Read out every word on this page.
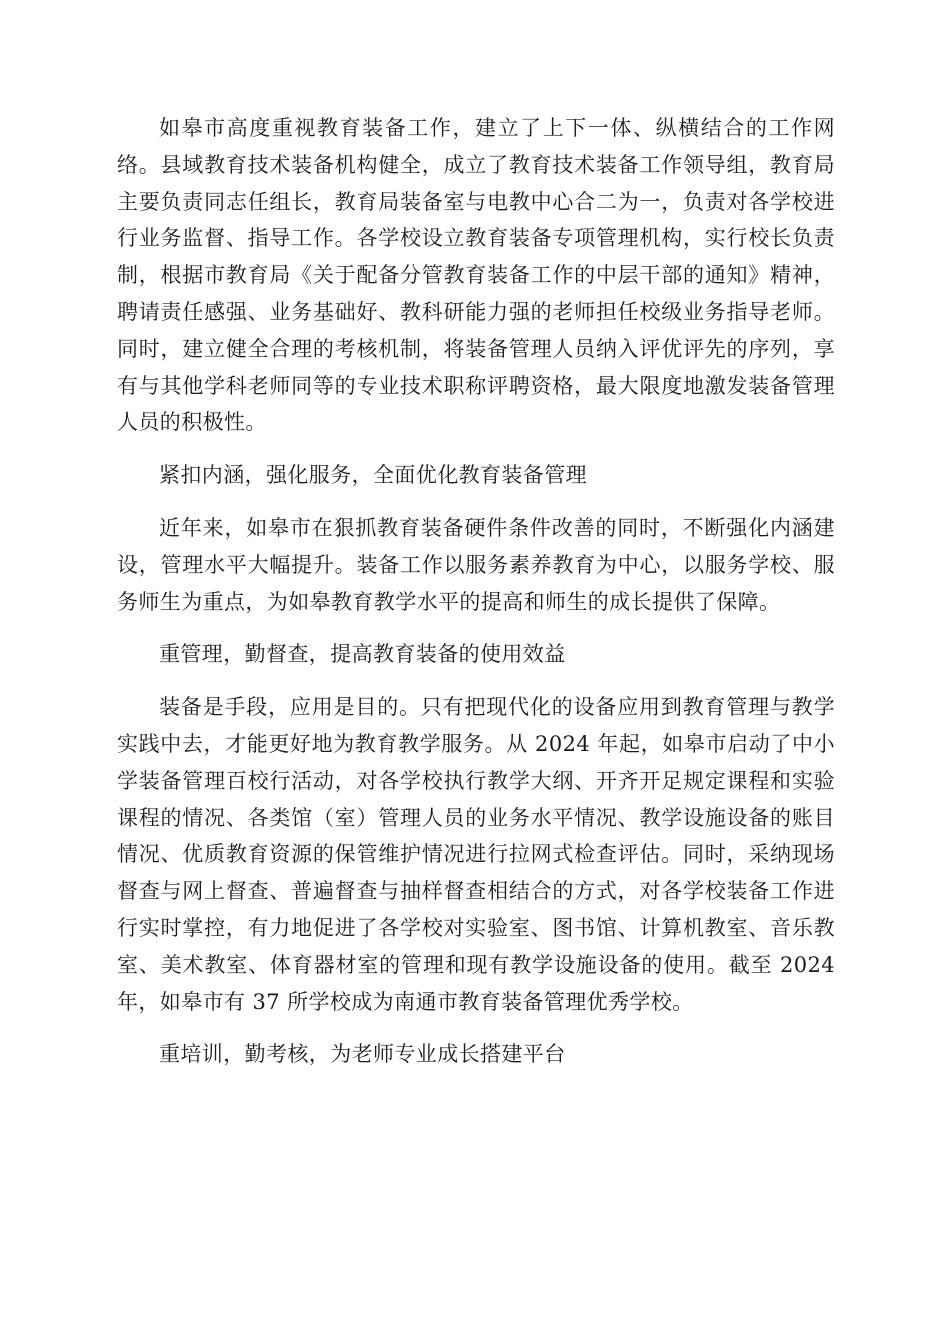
如皋市高度重视教育装备工作，建立了上下一体、纵横结合的工作网络。县域教育技术装备机构健全，成立了教育技术装备工作领导组，教育局主要负责同志任组长，教育局装备室与电教中心合二为一，负责对各学校进行业务监督、指导工作。各学校设立教育装备专项管理机构，实行校长负责制，根据市教育局《关于配备分管教育装备工作的中层干部的通知》精神，聘请责任感强、业务基础好、教科研能力强的老师担任校级业务指导老师。同时，建立健全合理的考核机制，将装备管理人员纳入评优评先的序列，享有与其他学科老师同等的专业技术职称评聘资格，最大限度地激发装备管理人员的积极性。

紧扣内涵，强化服务，全面优化教育装备管理

近年来，如皋市在狠抓教育装备硬件条件改善的同时，不断强化内涵建设，管理水平大幅提升。装备工作以服务素养教育为中心，以服务学校、服务师生为重点，为如皋教育教学水平的提高和师生的成长提供了保障。

重管理，勤督查，提高教育装备的使用效益

装备是手段，应用是目的。只有把现代化的设备应用到教育管理与教学实践中去，才能更好地为教育教学服务。从 2024 年起，如皋市启动了中小学装备管理百校行活动，对各学校执行教学大纲、开齐开足规定课程和实验课程的情况、各类馆（室）管理人员的业务水平情况、教学设施设备的账目情况、优质教育资源的保管维护情况进行拉网式检查评估。同时，采纳现场督查与网上督查、普遍督查与抽样督查相结合的方式，对各学校装备工作进行实时掌控，有力地促进了各学校对实验室、图书馆、计算机教室、音乐教室、美术教室、体育器材室的管理和现有教学设施设备的使用。截至 2024 年，如皋市有 37 所学校成为南通市教育装备管理优秀学校。

重培训，勤考核，为老师专业成长搭建平台
